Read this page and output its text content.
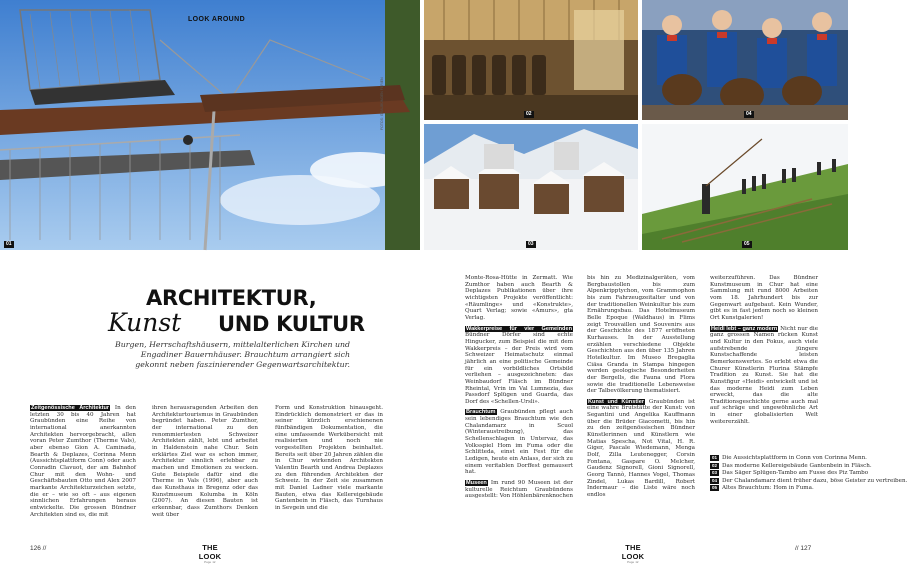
01
LOOK AROUND
FOTOS: GRAUBÜNDEN FERIEN	02	04
03	05
ARCHITEKTUR,
Kunst UND KULTUR
Burgen, Herrschaftshäusern, mittelalterlichen Kirchen und Engadiner Bauernhäuser. Brauchtum arrangiert sich gekonnt neben faszinierender Gegenwartsarchitektur.
Zeitgenössische Architektur In den letzten 30 bis 40 Jahren hat Graubünden eine Reihe von international anerkannten Architekten hervorgebracht, allen voran Peter Zumthor (Therme Vals), aber ebenso Gion A. Caminada, Bearth & Deplazes, Corinna Menn (Aussichtsplattform Conn) oder auch Conradin Clavuot, der am Bahnhof Chur mit den Wohn- und Geschäftsbauten Otto und Alex 2007 markante Architekturzeichen setzte, die er – wie so oft – aus eigenen sinnlichen Erfahrungen heraus entwickelte. Die grossen Bündner Architekten sind es, die mit
ihren herausragenden Arbeiten den Architekturtourismus in Graubünden begründet haben. Peter Zumthor, der international zu den renommiertesten Schweizer Architekten zählt, lebt und arbeitet in Haldenstein nahe Chur. Sein erklärtes Ziel war es schon immer, Architektur sinnlich erlebbar zu machen und Emotionen zu wecken. Gute Beispiele dafür sind die Therme in Vals (1996), aber auch das Kunsthaus in Bregenz oder das Kunstmuseum Kolumba in Köln (2007). An diesen Bauten ist erkennbar, dass Zumthors Denken weit über
Form und Konstruktion hinausgeht. Eindrücklich demonstriert er das in seiner kürzlich erschienenen fünfbändigen Dokumentation, die eine umfassende Werkübersicht mit realisierten und noch nie vorgestellten Projekten beinhaltet. Bereits seit über 20 Jahren zählen die in Chur wirkenden Architekten Valentin Bearth und Andrea Deplazes zu den führenden Architekten der Schweiz. In der Zeit sie zusammen mit Daniel Ladner viele markante Bauten, etwa das Kellereigebäude Gantenbein in Fläsch, das Turnhaus in Sevgein und die
Monte-Rosa-Hütte in Zermatt. Wie Zumthor haben auch Bearth & Deplazes Publikationen über ihre wichtigsten Projekte veröffentlicht: «Räumlinge» und «Konstrukte», Quart Verlag; sowie «Amurs», gta Verlag.
Wakkerpreise für vier Gemeinden Bündner Dörfer sind echte Hingucker, zum Beispiel die mit dem Wakkerpreis – der Preis wird vom Schweizer Heimatschutz einmal jährlich an eine politische Gemeinde für ein vorbildliches Ortsbild verliehen – ausgezeichneten: das Weinbaudorf Fläsch im Bündner Rheintal, Vrin im Val Lumnezia, das Passdorf Splügen und Guarda, das Dorf des «Schellen-Ursli».
Brauchtum Graubünden pflegt auch sein lebendiges Brauchtum wie den Chalandamarz in Scuol (Winteraustreibung), das Schellenschlagen in Untervaz, das Volksspiel Hom im Fuma oder die Schlitteda, einst ein Fest für die Ledigen, heute ein Anlass, der sich zu einem veritablen Dorffest gemausert hat.
Museen Im rund 90 Museen ist der kulturelle Reichtum Graubündens ausgestellt: Von Höhlenbärenknochen
bis hin zu Medizinalgeräten, vom Bergbaustollen bis zum Alpenkripptychon, vom Grammophon bis zum Fahrzeugzeitalter und von der traditionellen Weinkultur bis zum Ernährungsbau. Das Hotelmuseum Belle Epoque (Waldhaus) in Flims zeigt Trouvaillen und Souvenirs aus der Geschichte des 1877 eröffneten Kurhauses. In der Ausstellung erzählen verschiedene Objekte Geschichten aus den über 135 Jahren Hotelkultur. Im Museo Bregaglia Ciäsa Granda in Stampa hingegen werden geologische Besonderheiten der Bergells, die Fauna und Flora sowie die traditionelle Lebensweise der Talbevölkerung thematisiert.
Kunst und Künstler Graubünden ist eine wahre Brutstätte der Kunst: von Segantini und Angelika Kauffmann über die Brüder Giacometti, bis hin zu den zeitgenössischen Bündner Künstlerinnen und Künstlern wie Matias Spescha, Not Vital, H. R. Giger, Pascale Wiedemann, Menga Dolf, Zilla Leutenegger, Corsin Fontana, Gaspare O. Melcher, Gaudenz Signorell, Gioni Signorell, Georg Tannò, Hannes Vogel, Thomas Zindel, Lukas Bardill, Robert Indermaur – die Liste wäre noch endlos
weiterzuführen. Das Bündner Kunstmuseum in Chur hat eine Sammlung mit rund 8000 Arbeiten vom 18. Jahrhundert bis zur Gegenwart aufgebaut. Kein Wunder, gibt es in fast jedem noch so kleinen Ort Kunstgalerien!
Heidi lebt – ganz modern Nicht nur die ganz grossen Namen rücken Kunst und Kultur in den Fokus, auch viele aufstrebende jüngere Kunstschaffende leisten Bemerkenswertes. So erlebt etwa die Churer Künstlerin Flurina Stämpfe Tradition zu Kunst. Sie hat die Kunstfigur «Heidi» entwickelt und ist das moderne Heidi zum Leben erweckt, das die alte Traditionsgeschichte gerne auch mal auf schräge und ungewöhnliche Art in einer globalisierten Welt weitererzählt.
01 Die Aussichtsplattform in Conn von Corinna Menn.
02 Das moderne Kellereigebäude Gantenbein in Fläsch.
03 Das Säger Splügen-Tambo am Fusse des Piz Tambo
04 Der Chalandamarz dient früher dazu, böse Geister zu vertreiben.
05 Altes Brauchtum: Hom in Fuma.
126 //	THE LOOK
Page 12
THE LOOK
Page 12
// 127
